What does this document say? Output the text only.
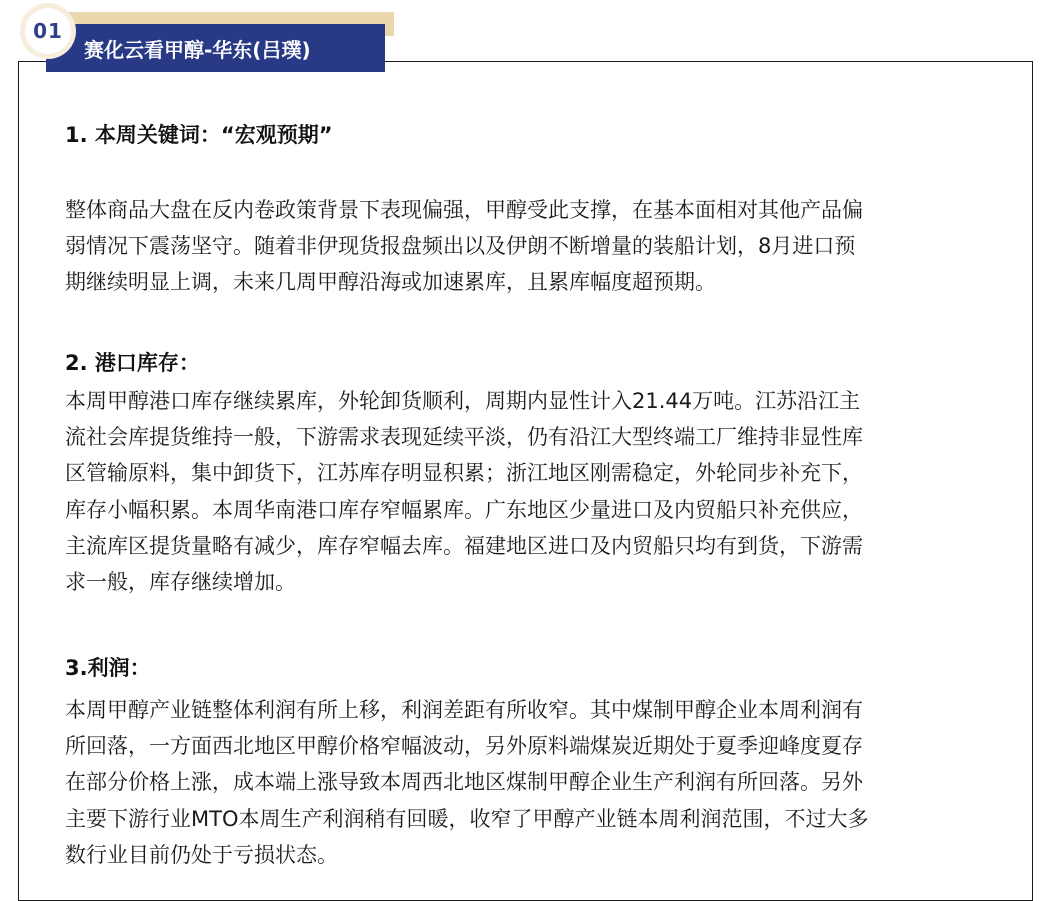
01
赛化云看甲醇-华东(吕璞)
1. 本周关键词：“宏观预期”
整体商品大盘在反内卷政策背景下表现偏强，甲醇受此支撑，在基本面相对其他产品偏
弱情况下震荡坚守。随着非伊现货报盘频出以及伊朗不断增量的装船计划，8月进口预
期继续明显上调，未来几周甲醇沿海或加速累库，且累库幅度超预期。
2. 港口库存：
本周甲醇港口库存继续累库，外轮卸货顺利，周期内显性计入21.44万吨。江苏沿江主
流社会库提货维持一般，下游需求表现延续平淡，仍有沿江大型终端工厂维持非显性库
区管输原料，集中卸货下，江苏库存明显积累；浙江地区刚需稳定，外轮同步补充下，
库存小幅积累。本周华南港口库存窄幅累库。广东地区少量进口及内贸船只补充供应，
主流库区提货量略有减少，库存窄幅去库。福建地区进口及内贸船只均有到货，下游需
求一般，库存继续增加。
3.利润：
本周甲醇产业链整体利润有所上移，利润差距有所收窄。其中煤制甲醇企业本周利润有
所回落，一方面西北地区甲醇价格窄幅波动，另外原料端煤炭近期处于夏季迎峰度夏存
在部分价格上涨，成本端上涨导致本周西北地区煤制甲醇企业生产利润有所回落。另外
主要下游行业MTO本周生产利润稍有回暖，收窄了甲醇产业链本周利润范围，不过大多
数行业目前仍处于亏损状态。
